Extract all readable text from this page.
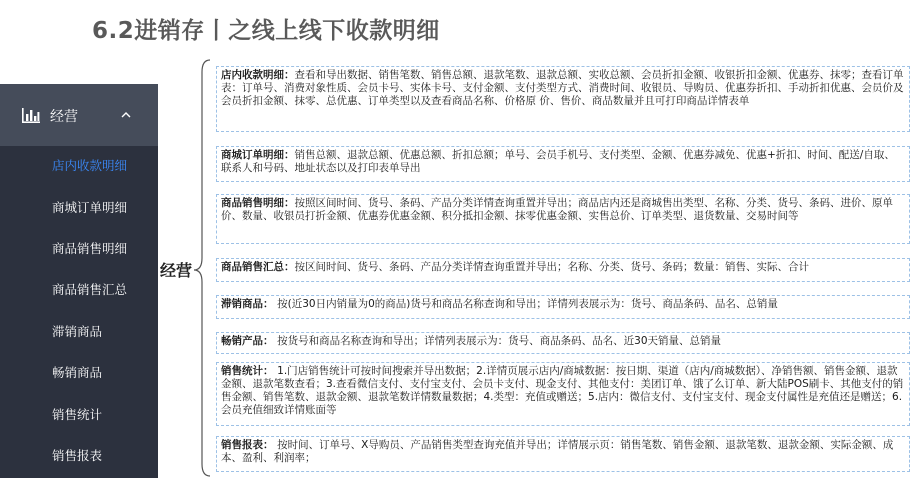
6.2进销存丨之线上线下收款明细
经营
店内收款明细
商城订单明细
商品销售明细
商品销售汇总
滞销商品
畅销商品
销售统计
销售报表
经营
店内收款明细：查看和导出数据、销售笔数、销售总额、退款笔数、退款总额、实收总额、会员折扣金额、收银折扣金额、优惠券、抹零；查看订单表：订单号、消费对象性质、会员卡号、实体卡号、支付金额、支付类型方式、消费时间、收银员、导购员、优惠券折扣、手动折扣优惠、会员价及会员折扣金额、抹零、总优惠、订单类型以及查看商品名称、价格原 价、售价、商品数量并且可打印商品详情表单
商城订单明细：销售总额、退款总额、优惠总额、折扣总额；单号、会员手机号、支付类型、金额、优惠券减免、优惠+折扣、时间、配送/自取、联系人和号码、地址状态以及打印表单导出
商品销售明细：按照区间时间、货号、条码、产品分类详情查询重置并导出；商品店内还是商城售出类型、名称、分类、货号、条码、进价、原单价、数量、收银员打折金额、优惠券优惠金额、积分抵扣金额、抹零优惠金额、实售总价、订单类型、退货数量、交易时间等
商品销售汇总：按区间时间、货号、条码、产品分类详情查询重置并导出；名称、分类、货号、条码；数量：销售、实际、合计
滞销商品： 按(近30日内销量为0的商品)货号和商品名称查询和导出；详情列表展示为：货号、商品条码、品名、总销量
畅销产品： 按货号和商品名称查询和导出；详情列表展示为：货号、商品条码、品名、近30天销量、总销量
销售统计： 1.门店销售统计可按时间搜索并导出数据；2.详情页展示店内/商城数据：按日期、渠道（店内/商城数据）、净销售额、销售金额、退款金额、退款笔数查看；3.查看微信支付、支付宝支付、会员卡支付、现金支付、其他支付：美团订单、饿了么订单、新大陆POS刷卡、其他支付的销售金额、销售笔数、退款金额、退款笔数详情数量数据；4.类型：充值或赠送；5.店内：微信支付、支付宝支付、现金支付属性是充值还是赠送；6.会员充值细致详情账面等
销售报表： 按时间、订单号、X导购员、产品销售类型查询充值并导出；详情展示页：销售笔数、销售金额、退款笔数、退款金额、实际金额、成本、盈利、利润率；
